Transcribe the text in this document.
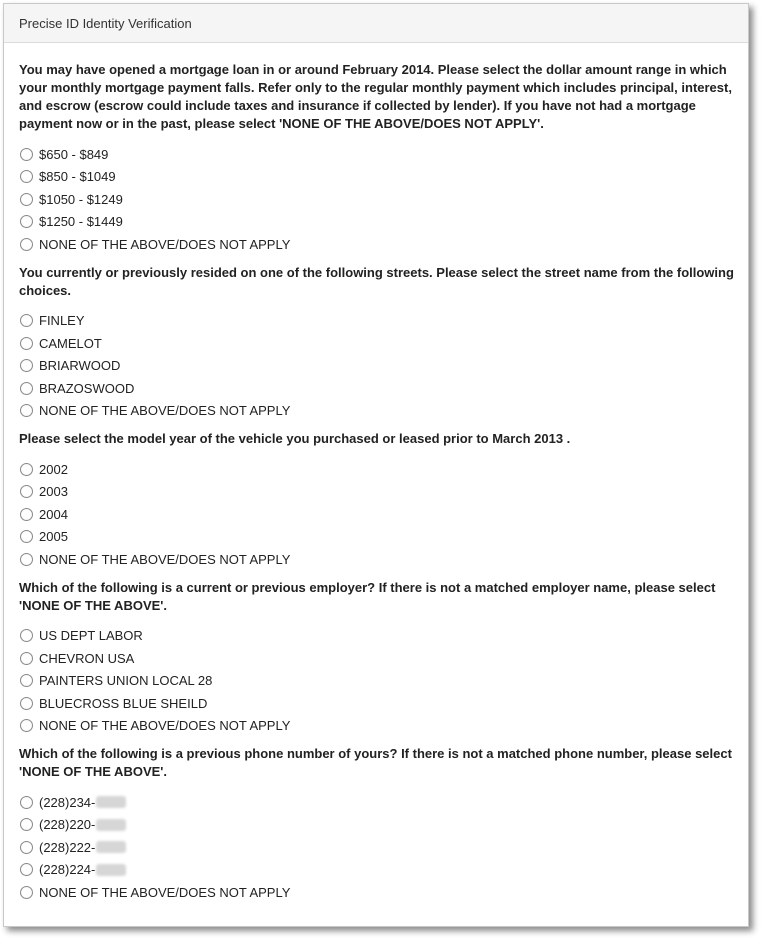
Precise ID Identity Verification
You may have opened a mortgage loan in or around February 2014. Please select the dollar amount range in which your monthly mortgage payment falls. Refer only to the regular monthly payment which includes principal, interest, and escrow (escrow could include taxes and insurance if collected by lender). If you have not had a mortgage payment now or in the past, please select 'NONE OF THE ABOVE/DOES NOT APPLY'.
$650 - $849
$850 - $1049
$1050 - $1249
$1250 - $1449
NONE OF THE ABOVE/DOES NOT APPLY
You currently or previously resided on one of the following streets. Please select the street name from the following choices.
FINLEY
CAMELOT
BRIARWOOD
BRAZOSWOOD
NONE OF THE ABOVE/DOES NOT APPLY
Please select the model year of the vehicle you purchased or leased prior to March 2013 .
2002
2003
2004
2005
NONE OF THE ABOVE/DOES NOT APPLY
Which of the following is a current or previous employer? If there is not a matched employer name, please select 'NONE OF THE ABOVE'.
US DEPT LABOR
CHEVRON USA
PAINTERS UNION LOCAL 28
BLUECROSS BLUE SHEILD
NONE OF THE ABOVE/DOES NOT APPLY
Which of the following is a previous phone number of yours? If there is not a matched phone number, please select 'NONE OF THE ABOVE'.
(228)234-
(228)220-
(228)222-
(228)224-
NONE OF THE ABOVE/DOES NOT APPLY
